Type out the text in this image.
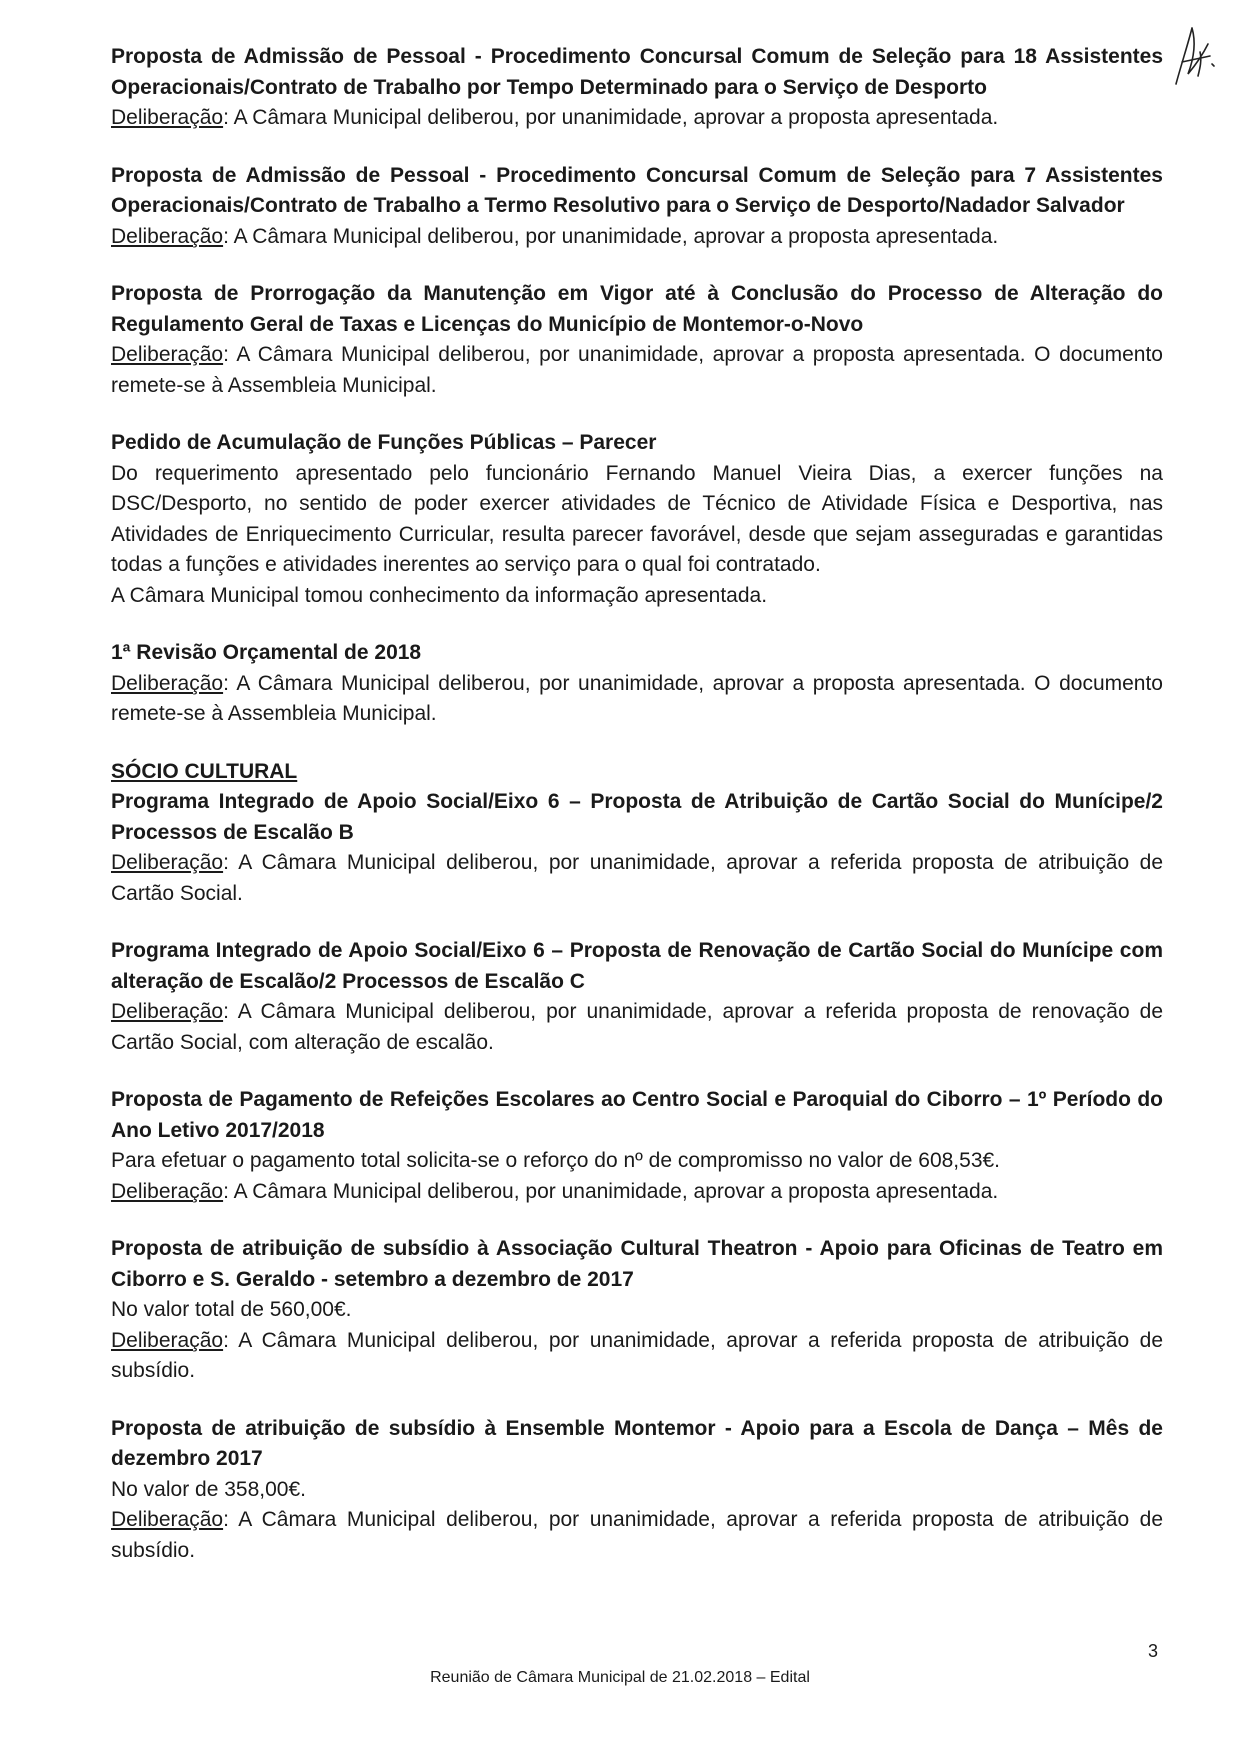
Proposta de Admissão de Pessoal - Procedimento Concursal Comum de Seleção para 18 Assistentes Operacionais/Contrato de Trabalho por Tempo Determinado para o Serviço de Desporto

Deliberação: A Câmara Municipal deliberou, por unanimidade, aprovar a proposta apresentada.

Proposta de Admissão de Pessoal - Procedimento Concursal Comum de Seleção para 7 Assistentes Operacionais/Contrato de Trabalho a Termo Resolutivo para o Serviço de Desporto/Nadador Salvador

Deliberação: A Câmara Municipal deliberou, por unanimidade, aprovar a proposta apresentada.

Proposta de Prorrogação da Manutenção em Vigor até à Conclusão do Processo de Alteração do Regulamento Geral de Taxas e Licenças do Município de Montemor-o-Novo

Deliberação: A Câmara Municipal deliberou, por unanimidade, aprovar a proposta apresentada. O documento remete-se à Assembleia Municipal.

Pedido de Acumulação de Funções Públicas – Parecer

Do requerimento apresentado pelo funcionário Fernando Manuel Vieira Dias, a exercer funções na DSC/Desporto, no sentido de poder exercer atividades de Técnico de Atividade Física e Desportiva, nas Atividades de Enriquecimento Curricular, resulta parecer favorável, desde que sejam asseguradas e garantidas todas a funções e atividades inerentes ao serviço para o qual foi contratado.

A Câmara Municipal tomou conhecimento da informação apresentada.

1ª Revisão Orçamental de 2018

Deliberação: A Câmara Municipal deliberou, por unanimidade, aprovar a proposta apresentada. O documento remete-se à Assembleia Municipal.

SÓCIO CULTURAL

Programa Integrado de Apoio Social/Eixo 6 – Proposta de Atribuição de Cartão Social do Munícipe/2 Processos de Escalão B

Deliberação: A Câmara Municipal deliberou, por unanimidade, aprovar a referida proposta de atribuição de Cartão Social.

Programa Integrado de Apoio Social/Eixo 6 – Proposta de Renovação de Cartão Social do Munícipe com alteração de Escalão/2 Processos de Escalão C

Deliberação: A Câmara Municipal deliberou, por unanimidade, aprovar a referida proposta de renovação de Cartão Social, com alteração de escalão.

Proposta de Pagamento de Refeições Escolares ao Centro Social e Paroquial do Ciborro – 1º Período do Ano Letivo 2017/2018

Para efetuar o pagamento total solicita-se o reforço do nº de compromisso no valor de 608,53€.

Deliberação: A Câmara Municipal deliberou, por unanimidade, aprovar a proposta apresentada.

Proposta de atribuição de subsídio à Associação Cultural Theatron - Apoio para Oficinas de Teatro em Ciborro e S. Geraldo - setembro a dezembro de 2017

No valor total de 560,00€.

Deliberação: A Câmara Municipal deliberou, por unanimidade, aprovar a referida proposta de atribuição de subsídio.

Proposta de atribuição de subsídio à Ensemble Montemor - Apoio para a Escola de Dança – Mês de dezembro 2017

No valor de 358,00€.

Deliberação: A Câmara Municipal deliberou, por unanimidade, aprovar a referida proposta de atribuição de subsídio.

3
Reunião de Câmara Municipal de 21.02.2018 – Edital
